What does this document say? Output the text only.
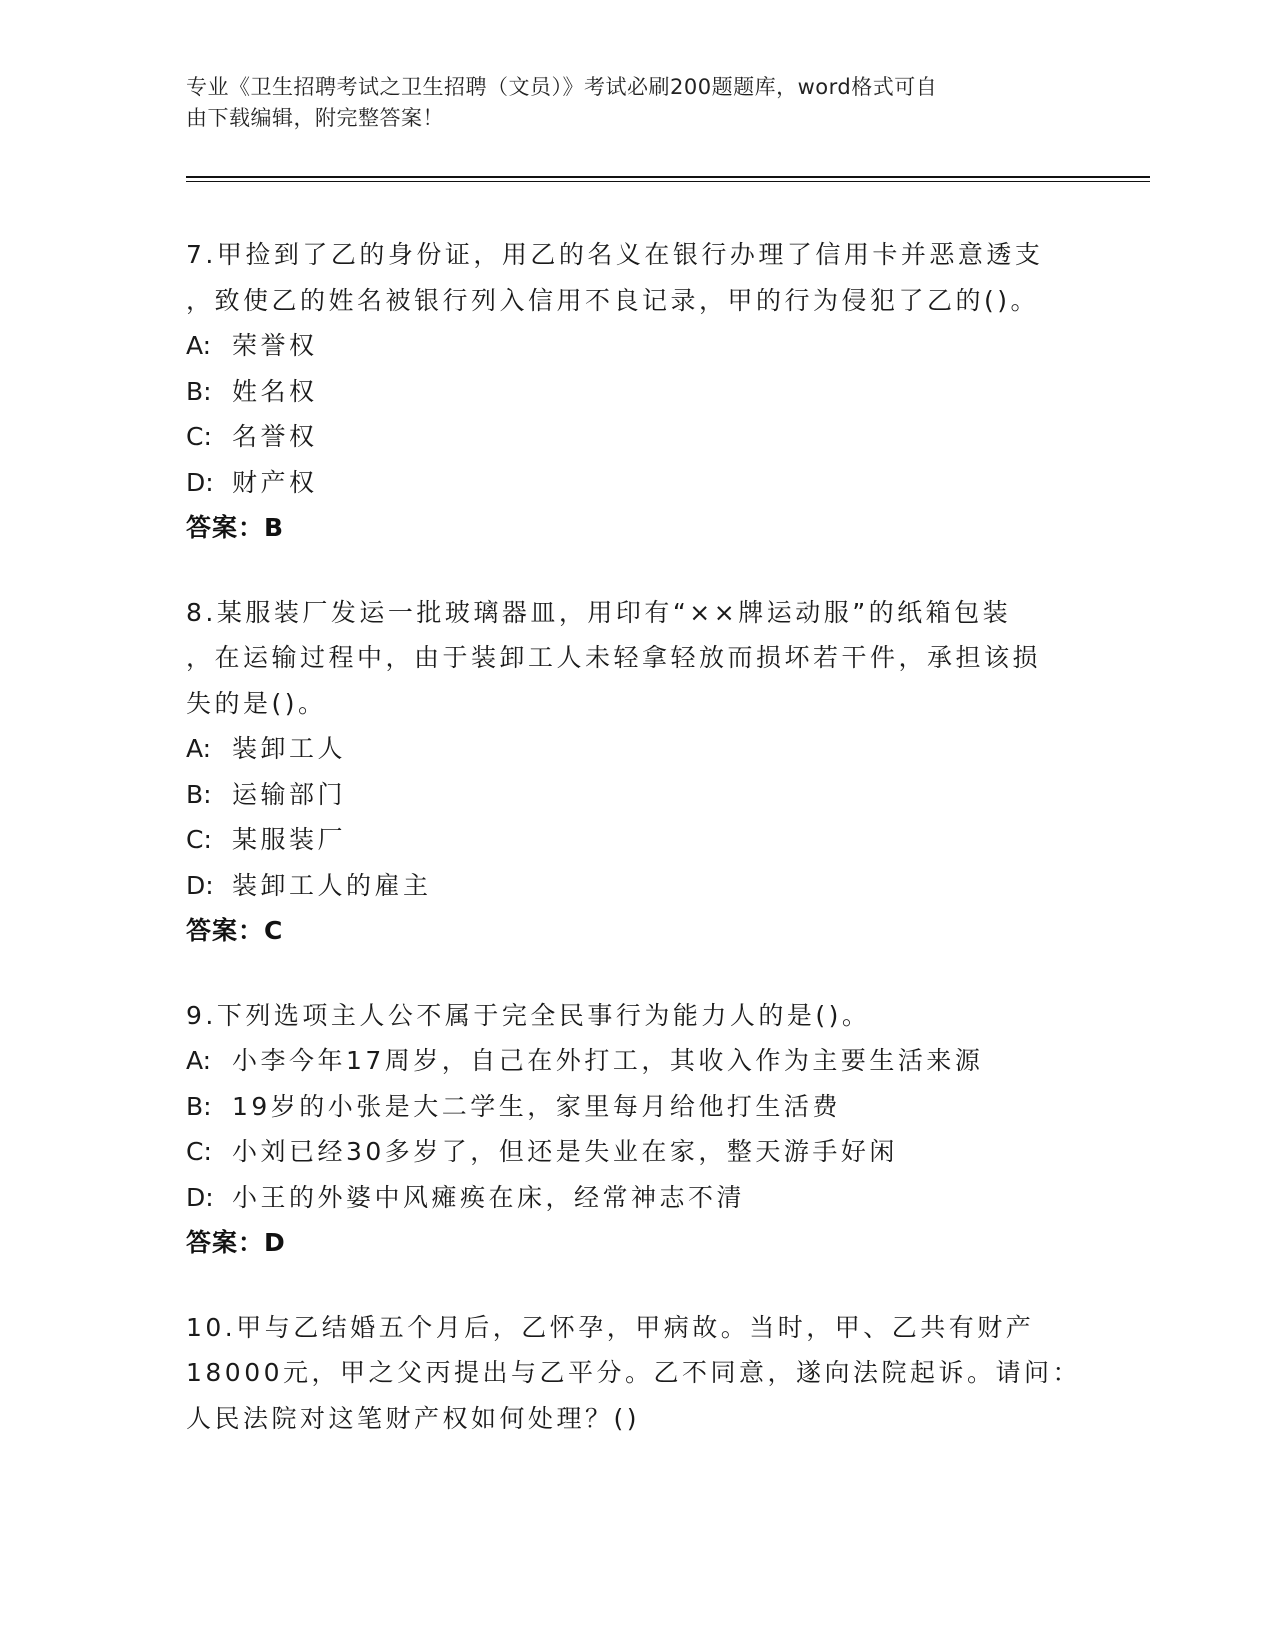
专业《卫生招聘考试之卫生招聘（文员）》考试必刷200题题库，word格式可自
由下载编辑，附完整答案！

7.甲捡到了乙的身份证，用乙的名义在银行办理了信用卡并恶意透支

，致使乙的姓名被银行列入信用不良记录，甲的行为侵犯了乙的()。

A: 荣誉权

B: 姓名权

C: 名誉权

D: 财产权

答案：B

8.某服装厂发运一批玻璃器皿，用印有“××牌运动服”的纸箱包装

，在运输过程中，由于装卸工人未轻拿轻放而损坏若干件，承担该损

失的是()。

A: 装卸工人

B: 运输部门

C: 某服装厂

D: 装卸工人的雇主

答案：C

9.下列选项主人公不属于完全民事行为能力人的是()。

A: 小李今年17周岁，自己在外打工，其收入作为主要生活来源

B: 19岁的小张是大二学生，家里每月给他打生活费

C: 小刘已经30多岁了，但还是失业在家，整天游手好闲

D: 小王的外婆中风瘫痪在床，经常神志不清

答案：D

10.甲与乙结婚五个月后，乙怀孕，甲病故。当时，甲、乙共有财产

18000元，甲之父丙提出与乙平分。乙不同意，遂向法院起诉。请问：

人民法院对这笔财产权如何处理？()
